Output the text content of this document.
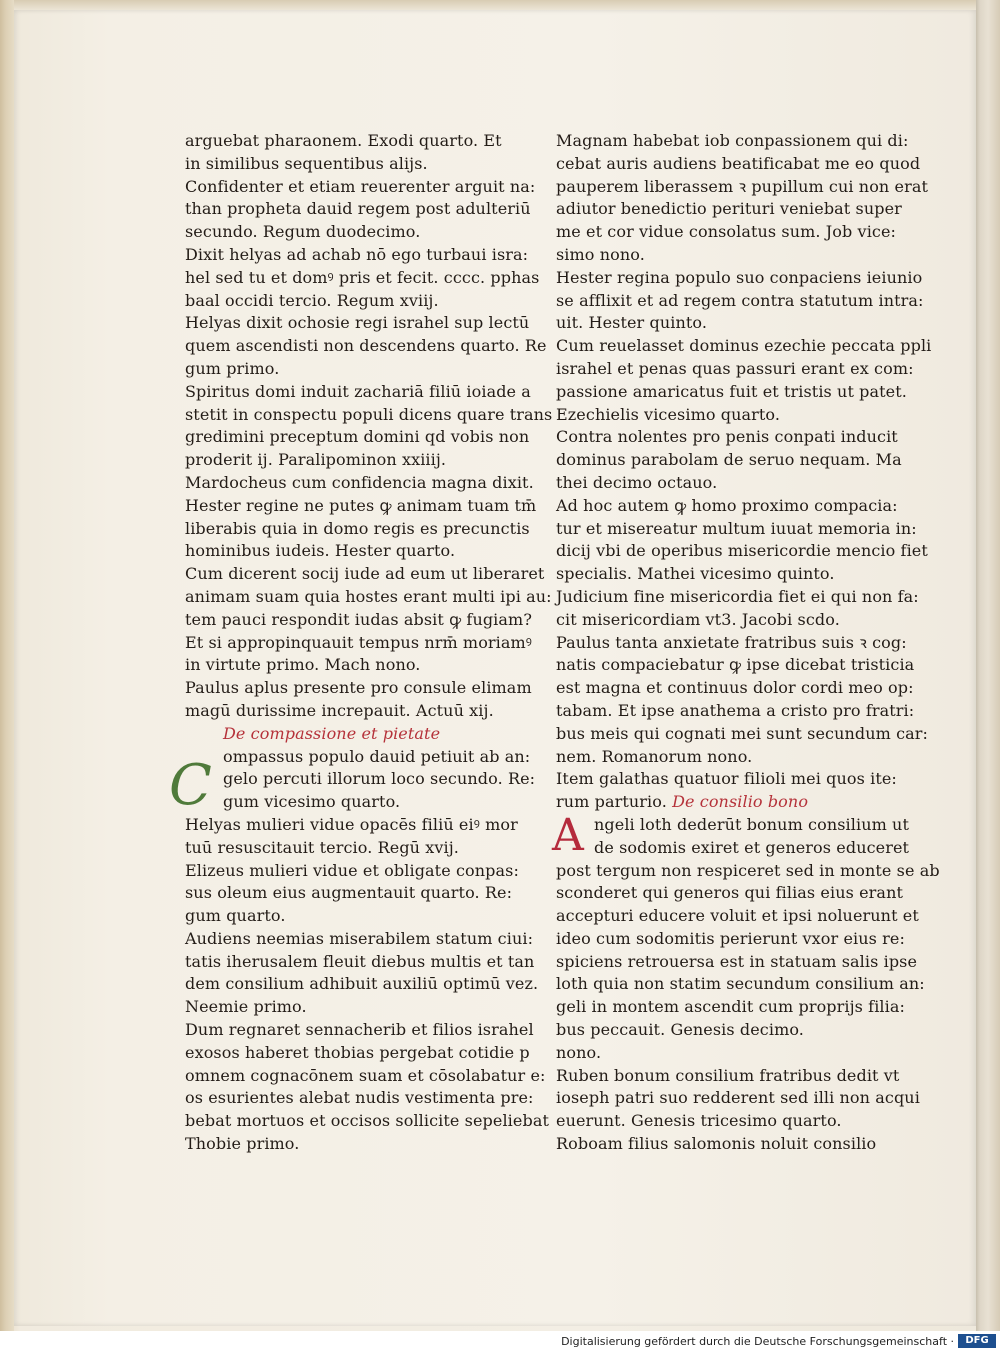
arguebat pharaonem. Exodi quarto. Et
in similibus sequentibus alijs.
Confidenter et etiam reuerenter arguit na:
than propheta dauid regem post adulteriū
secundo. Regum duodecimo.
Dixit helyas ad achab nō ego turbaui isra:
hel sed tu et domꝰ pris et fecit. cccc. pphas
baal occidi tercio. Regum xviij.
Helyas dixit ochosie regi israhel sup lectū
quem ascendisti non descendens quarto. Re
gum primo.
Spiritus domi induit zachariā filiū ioiade a
stetit in conspectu populi dicens quare trans
gredimini preceptum domini qd vobis non
proderit ij. Paralipominon xxiiij.
Mardocheus cum confidencia magna dixit.
Hester regine ne putes ꝙ animam tuam tm̄
liberabis quia in domo regis es precunctis
hominibus iudeis. Hester quarto.
Cum dicerent socij iude ad eum ut liberaret
animam suam quia hostes erant multi ipi au:
tem pauci respondit iudas absit ꝙ fugiam?
Et si appropinquauit tempus nrm̄ moriamꝰ
in virtute primo. Mach nono.
Paulus aplus presente pro consule elimam
magū durissime increpauit. Actuū xij.
De compassione et pietate
C ompassus populo dauid petiuit ab an:
gelo percuti illorum loco secundo. Re:
gum vicesimo quarto.
Helyas mulieri vidue opacēs filiū eiꝰ mor
tuū resuscitauit tercio. Regū xvij.
Elizeus mulieri vidue et obligate conpas:
sus oleum eius augmentauit quarto. Re:
gum quarto.
Audiens neemias miserabilem statum ciui:
tatis iherusalem fleuit diebus multis et tan
dem consilium adhibuit auxiliū optimū vez.
Neemie primo.
Dum regnaret sennacherib et filios israhel
exosos haberet thobias pergebat cotidie p
omnem cognacōnem suam et cōsolabatur e:
os esurientes alebat nudis vestimenta pre:
bebat mortuos et occisos sollicite sepeliebat
Thobie primo.
Magnam habebat iob conpassionem qui di:
cebat auris audiens beatificabat me eo quod
pauperem liberassem ꝛ pupillum cui non erat
adiutor benedictio perituri veniebat super
me et cor vidue consolatus sum. Job vice:
simo nono.
Hester regina populo suo conpaciens ieiunio
se afflixit et ad regem contra statutum intra:
uit. Hester quinto.
Cum reuelasset dominus ezechie peccata ppli
israhel et penas quas passuri erant ex com:
passione amaricatus fuit et tristis ut patet.
Ezechielis vicesimo quarto.
Contra nolentes pro penis conpati inducit
dominus parabolam de seruo nequam. Ma
thei decimo octauo.
Ad hoc autem ꝙ homo proximo compacia:
tur et misereatur multum iuuat memoria in:
dicij vbi de operibus misericordie mencio fiet
specialis. Mathei vicesimo quinto.
Judicium fine misericordia fiet ei qui non fa:
cit misericordiam vt3. Jacobi scdo.
Paulus tanta anxietate fratribus suis ꝛ cog:
natis compaciebatur ꝙ ipse dicebat tristicia
est magna et continuus dolor cordi meo op:
tabam. Et ipse anathema a cristo pro fratri:
bus meis qui cognati mei sunt secundum car:
nem. Romanorum nono.
Item galathas quatuor filioli mei quos ite:
rum parturio. De consilio bono
A ngeli loth dederūt bonum consilium ut
de sodomis exiret et generos educeret
post tergum non respiceret sed in monte se ab
sconderet qui generos qui filias eius erant
accepturi educere voluit et ipsi noluerunt et
ideo cum sodomitis perierunt vxor eius re:
spiciens retrouersa est in statuam salis ipse
loth quia non statim secundum consilium an:
geli in montem ascendit cum proprijs filia:
bus peccauit. Genesis decimo.
nono.
Ruben bonum consilium fratribus dedit vt
ioseph patri suo redderent sed illi non acqui
euerunt. Genesis tricesimo quarto.
Roboam filius salomonis noluit consilio
Digitalisierung gefördert durch die Deutsche Forschungsgemeinschaft ·	DFG
